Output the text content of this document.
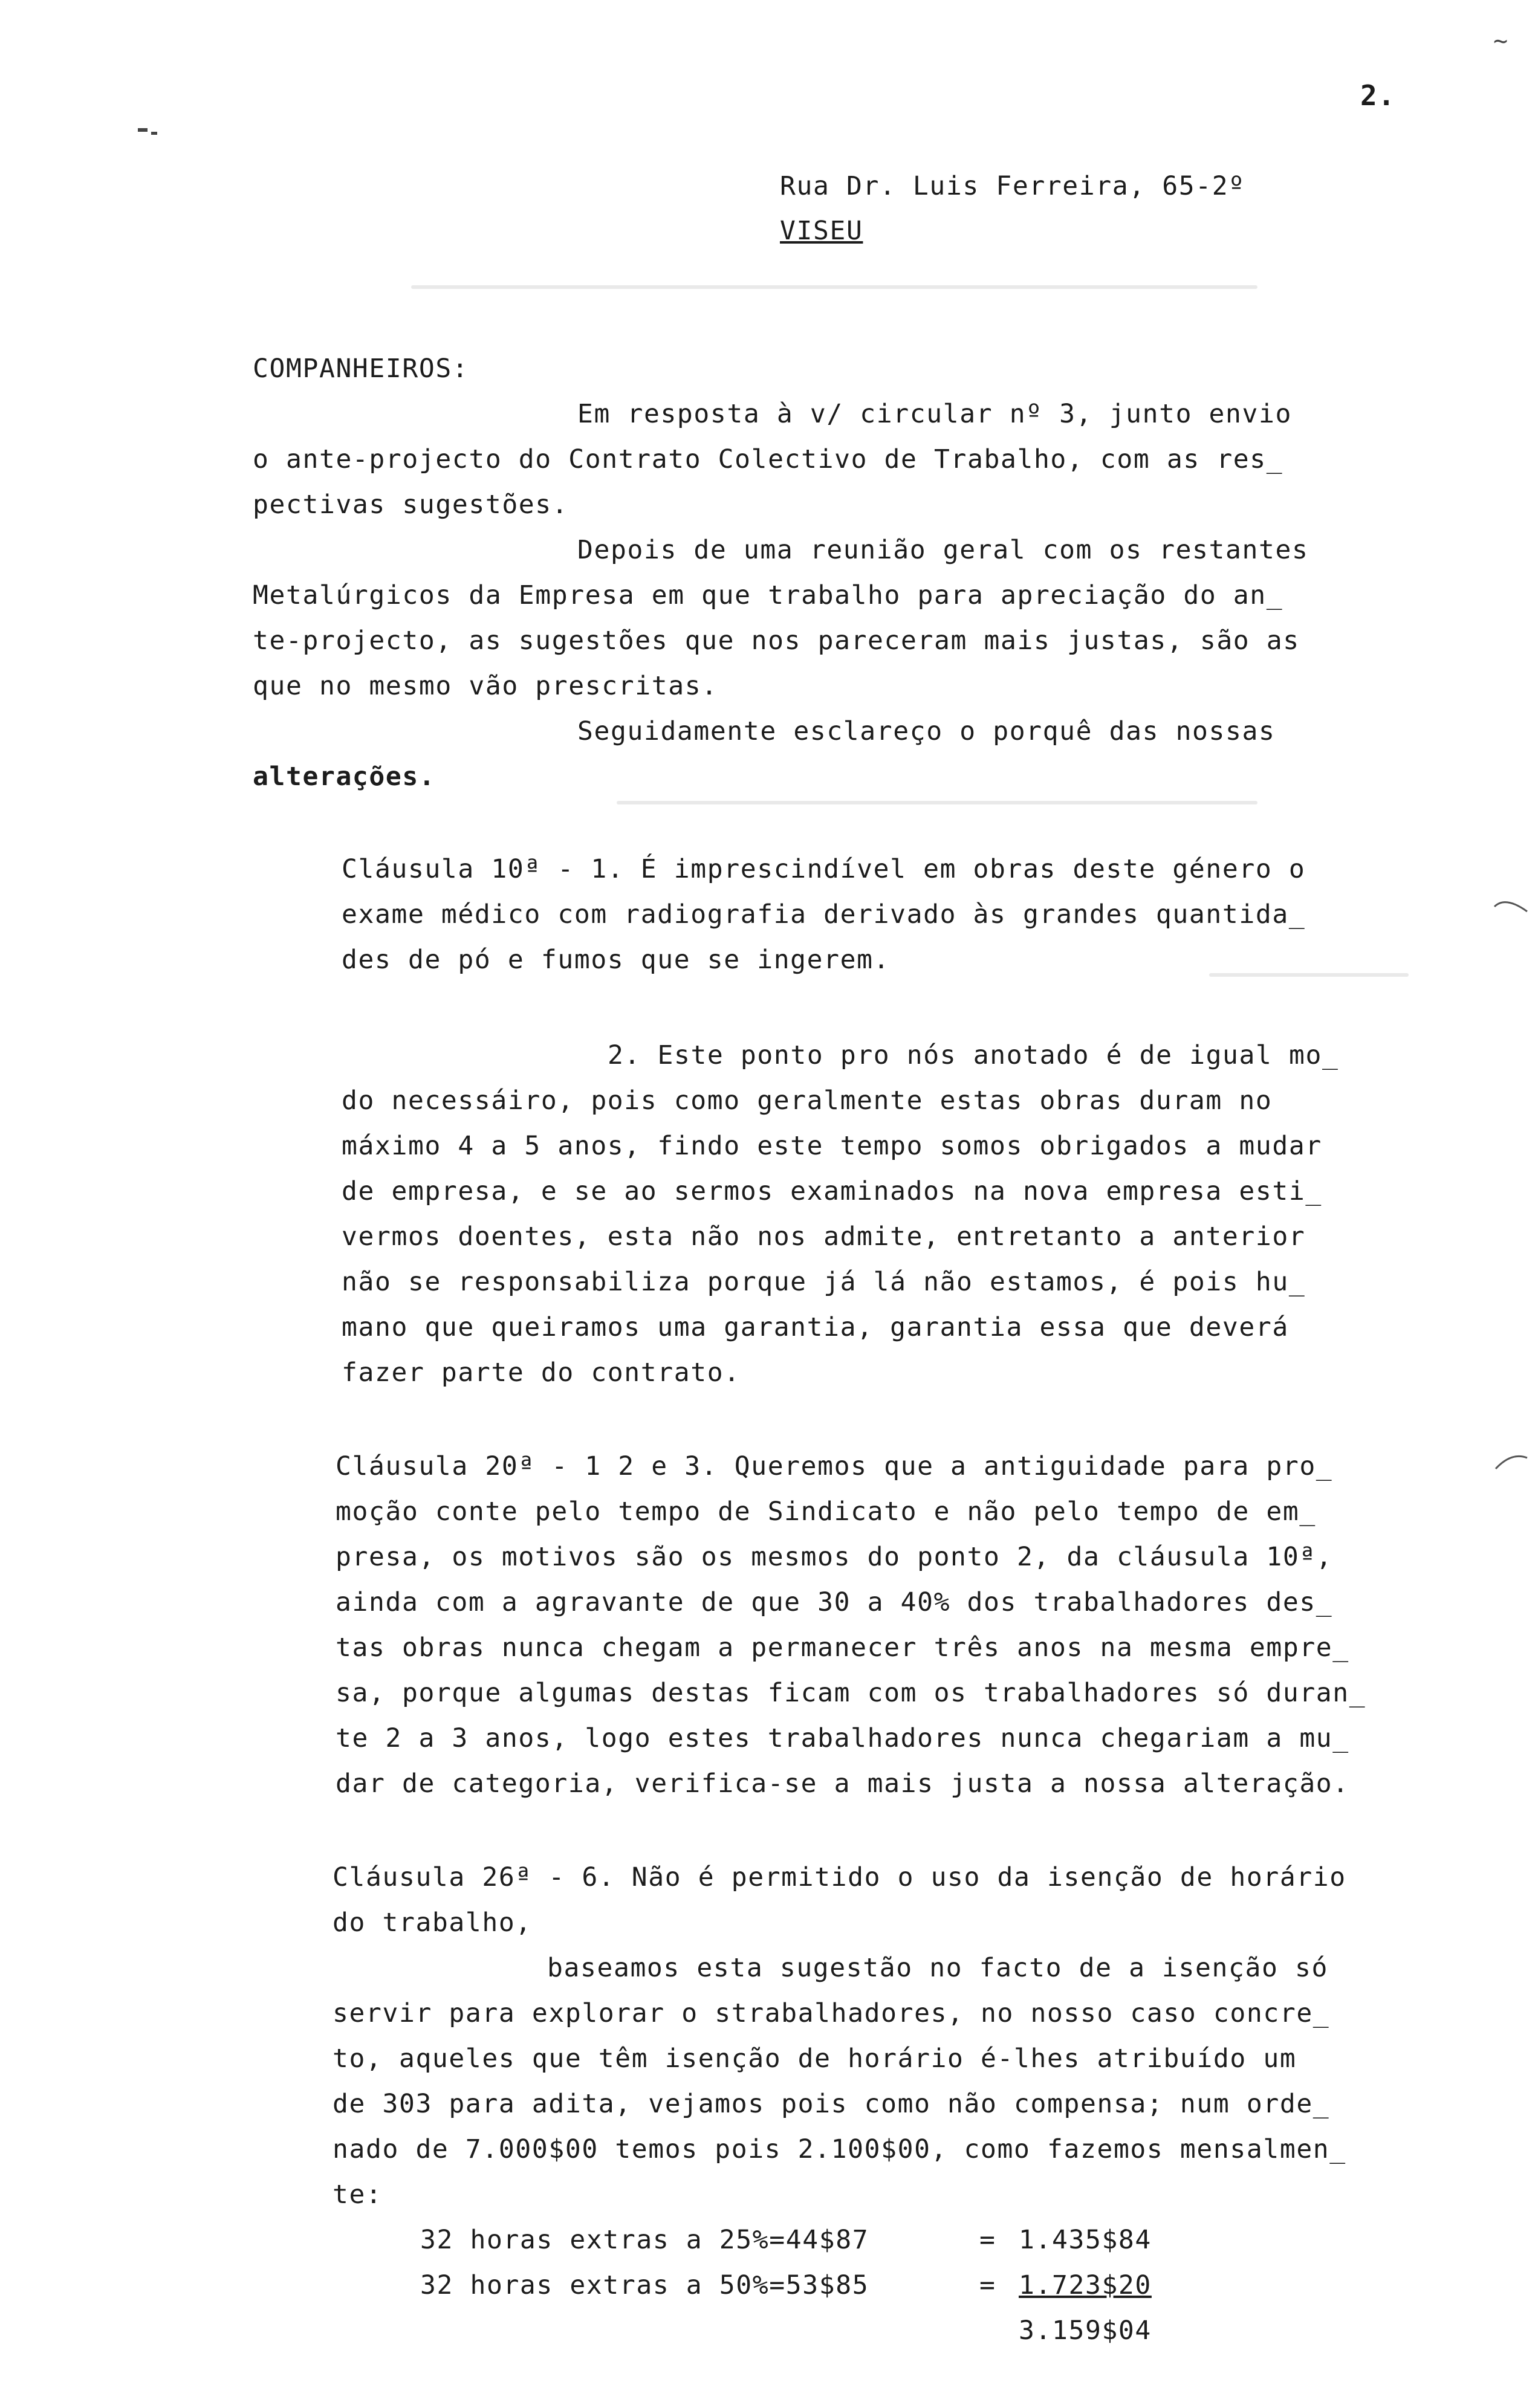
~
2.
Rua Dr. Luis Ferreira, 65-2º
VISEU
COMPANHEIROS:
Em resposta à v/ circular nº 3, junto envio
o ante-projecto do Contrato Colectivo de Trabalho, com as res_
pectivas sugestões.
Depois de uma reunião geral com os restantes
Metalúrgicos da Empresa em que trabalho para apreciação do an_
te-projecto, as sugestões que nos pareceram mais justas, são as
que no mesmo vão prescritas.
Seguidamente esclareço o porquê das nossas
alterações.
Cláusula 10ª - 1. É imprescindível em obras deste género o
exame médico com radiografia derivado às grandes quantida_
des de pó e fumos que se ingerem.
2. Este ponto pro nós anotado é de igual mo_
do necessáiro, pois como geralmente estas obras duram no
máximo 4 a 5 anos, findo este tempo somos obrigados a mudar
de empresa, e se ao sermos examinados na nova empresa esti_
vermos doentes, esta não nos admite, entretanto a anterior
não se responsabiliza porque já lá não estamos, é pois hu_
mano que queiramos uma garantia, garantia essa que deverá
fazer parte do contrato.
Cláusula 20ª - 1 2 e 3. Queremos que a antiguidade para pro_
moção conte pelo tempo de Sindicato e não pelo tempo de em_
presa, os motivos são os mesmos do ponto 2, da cláusula 10ª,
ainda com a agravante de que 30 a 40% dos trabalhadores des_
tas obras nunca chegam a permanecer três anos na mesma empre_
sa, porque algumas destas ficam com os trabalhadores só duran_
te 2 a 3 anos, logo estes trabalhadores nunca chegariam a mu_
dar de categoria, verifica-se a mais justa a nossa alteração.
Cláusula 26ª - 6. Não é permitido o uso da isenção de horário
do trabalho,
baseamos esta sugestão no facto de a isenção só
servir para explorar o strabalhadores, no nosso caso concre_
to, aqueles que têm isenção de horário é-lhes atribuído um
de 303 para adita, vejamos pois como não compensa; num orde_
nado de 7.000$00 temos pois 2.100$00, como fazemos mensalmen_
te:
32 horas extras a 25%=44$87	= 1.435$84
32 horas extras a 50%=53$85	= 1.723$20
3.159$04
